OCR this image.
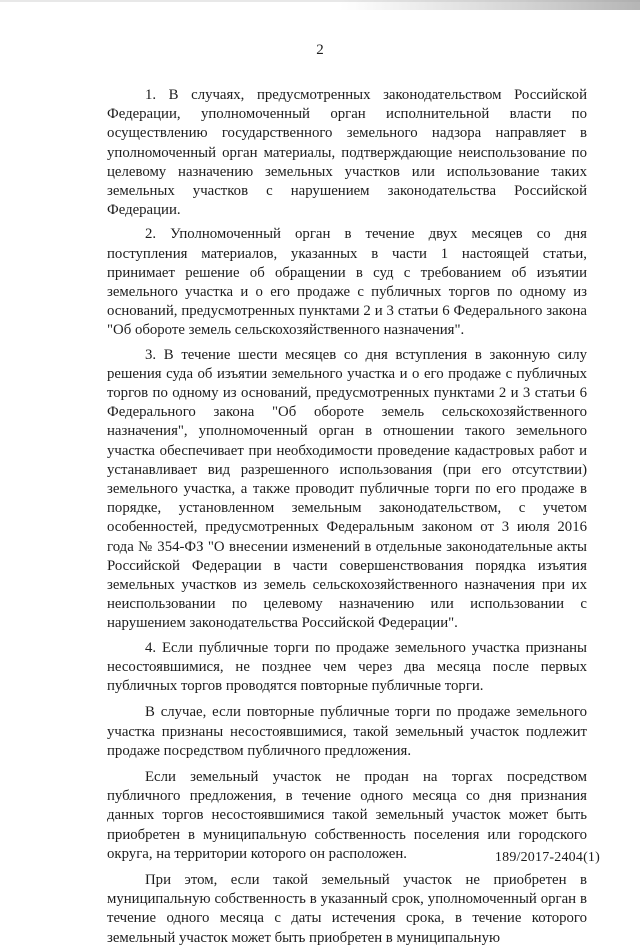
2

1. В случаях, предусмотренных законодательством Российской Федерации, уполномоченный орган исполнительной власти по осуществлению государственного земельного надзора направляет в уполномоченный орган материалы, подтверждающие неиспользование по целевому назначению земельных участков или использование таких земельных участков с нарушением законодательства Российской Федерации.

2. Уполномоченный орган в течение двух месяцев со дня поступления материалов, указанных в части 1 настоящей статьи, принимает решение об обращении в суд с требованием об изъятии земельного участка и о его продаже с публичных торгов по одному из оснований, предусмотренных пунктами 2 и 3 статьи 6 Федерального закона "Об обороте земель сельскохозяйственного назначения".

3. В течение шести месяцев со дня вступления в законную силу решения суда об изъятии земельного участка и о его продаже с публичных торгов по одному из оснований, предусмотренных пунктами 2 и 3 статьи 6 Федерального закона "Об обороте земель сельскохозяйственного назначения", уполномоченный орган в отношении такого земельного участка обеспечивает при необходимости проведение кадастровых работ и устанавливает вид разрешенного использования (при его отсутствии) земельного участка, а также проводит публичные торги по его продаже в порядке, установленном земельным законодательством, с учетом особенностей, предусмотренных Федеральным законом от 3 июля 2016 года № 354-ФЗ "О внесении изменений в отдельные законодательные акты Российской Федерации в части совершенствования порядка изъятия земельных участков из земель сельскохозяйственного назначения при их неиспользовании по целевому назначению или использовании с нарушением законодательства Российской Федерации".

4. Если публичные торги по продаже земельного участка признаны несостоявшимися, не позднее чем через два месяца после первых публичных торгов проводятся повторные публичные торги.

В случае, если повторные публичные торги по продаже земельного участка признаны несостоявшимися, такой земельный участок подлежит продаже посредством публичного предложения.

Если земельный участок не продан на торгах посредством публичного предложения, в течение одного месяца со дня признания данных торгов несостоявшимися такой земельный участок может быть приобретен в муниципальную собственность поселения или городского округа, на территории которого он расположен.

При этом, если такой земельный участок не приобретен в муниципальную собственность в указанный срок, уполномоченный орган в течение одного месяца с даты истечения срока, в течение которого земельный участок может быть приобретен в муниципальную

189/2017-2404(1)
